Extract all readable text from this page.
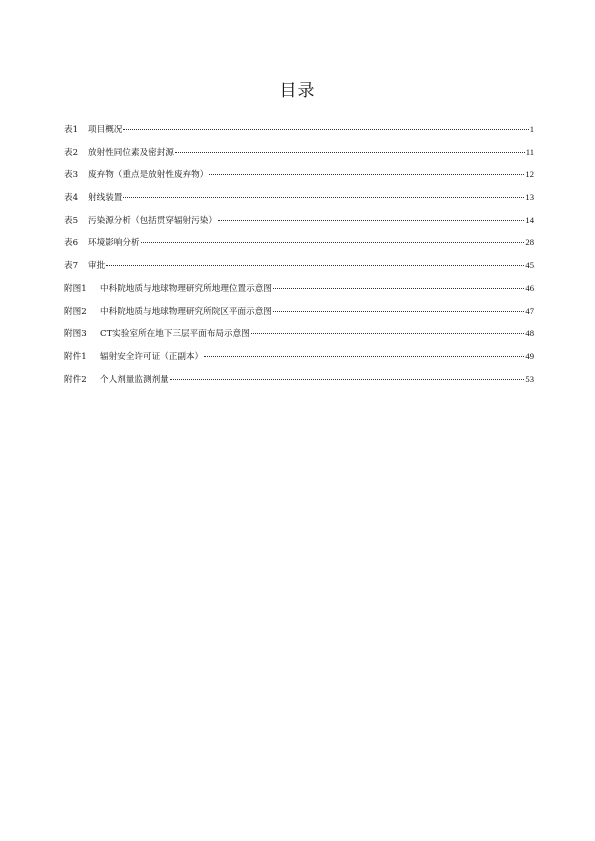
目录
表1	项目概况	1
表2	放射性同位素及密封源	11
表3	废弃物（重点是放射性废弃物）	12
表4	射线装置	13
表5	污染源分析（包括贯穿辐射污染）	14
表6	环境影响分析	28
表7	审批	45
附图1	中科院地质与地球物理研究所地理位置示意图	46
附图2	中科院地质与地球物理研究所院区平面示意图	47
附图3	CT实验室所在地下三层平面布局示意图	48
附件1	辐射安全许可证（正副本）	49
附件2	个人剂量监测剂量	53
